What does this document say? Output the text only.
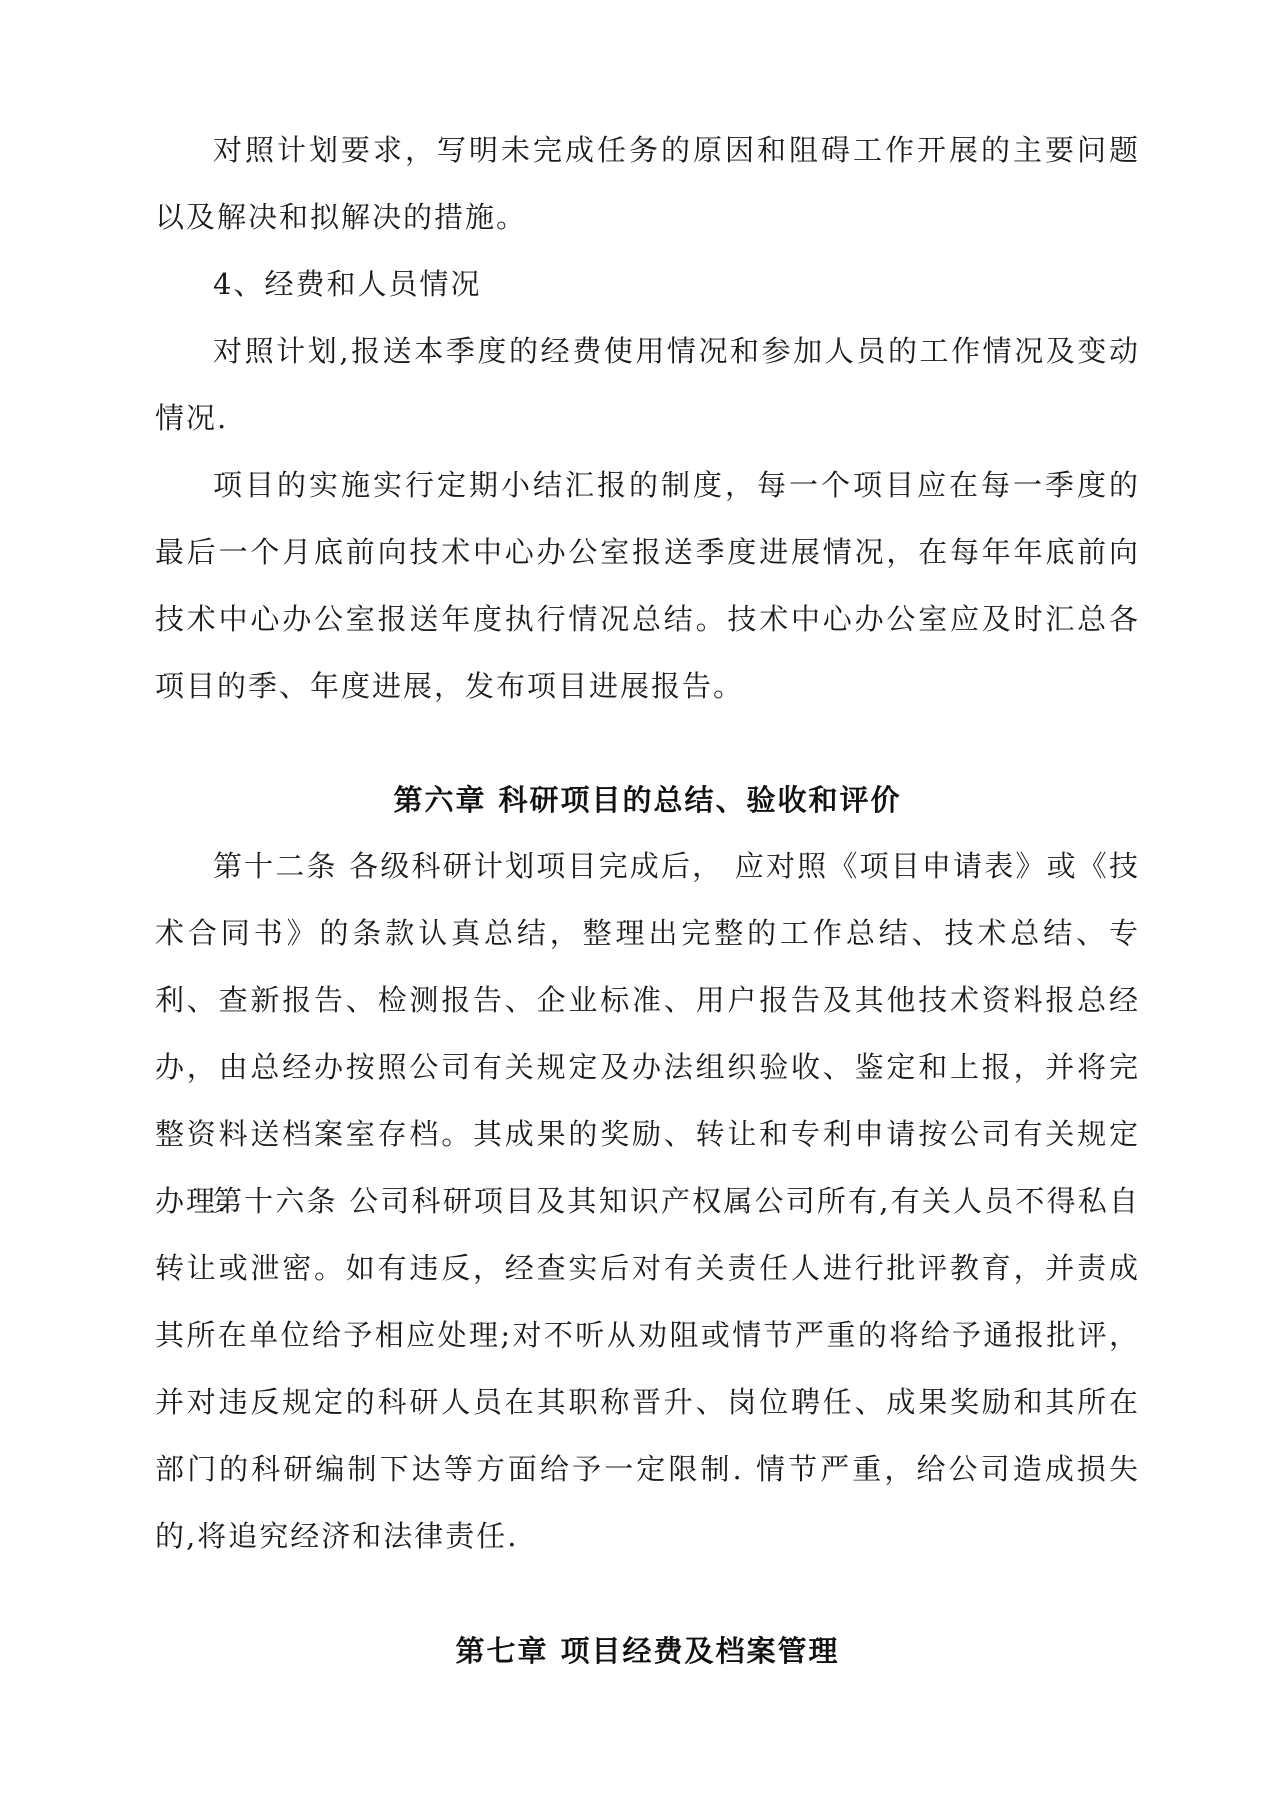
对照计划要求，写明未完成任务的原因和阻碍工作开展的主要问题以及解决和拟解决的措施。

4、经费和人员情况

对照计划,报送本季度的经费使用情况和参加人员的工作情况及变动情况.

项目的实施实行定期小结汇报的制度，每一个项目应在每一季度的最后一个月底前向技术中心办公室报送季度进展情况，在每年年底前向技术中心办公室报送年度执行情况总结。技术中心办公室应及时汇总各项目的季、年度进展，发布项目进展报告。

第六章 科研项目的总结、验收和评价

第十二条 各级科研计划项目完成后， 应对照《项目申请表》或《技术合同书》的条款认真总结，整理出完整的工作总结、技术总结、专利、查新报告、检测报告、企业标准、用户报告及其他技术资料报总经办，由总经办按照公司有关规定及办法组织验收、鉴定和上报，并将完整资料送档案室存档。其成果的奖励、转让和专利申请按公司有关规定办理.

第十六条 公司科研项目及其知识产权属公司所有,有关人员不得私自转让或泄密。如有违反，经查实后对有关责任人进行批评教育，并责成其所在单位给予相应处理;对不听从劝阻或情节严重的将给予通报批评，并对违反规定的科研人员在其职称晋升、岗位聘任、成果奖励和其所在部门的科研编制下达等方面给予一定限制. 情节严重，给公司造成损失的,将追究经济和法律责任.

第七章 项目经费及档案管理
